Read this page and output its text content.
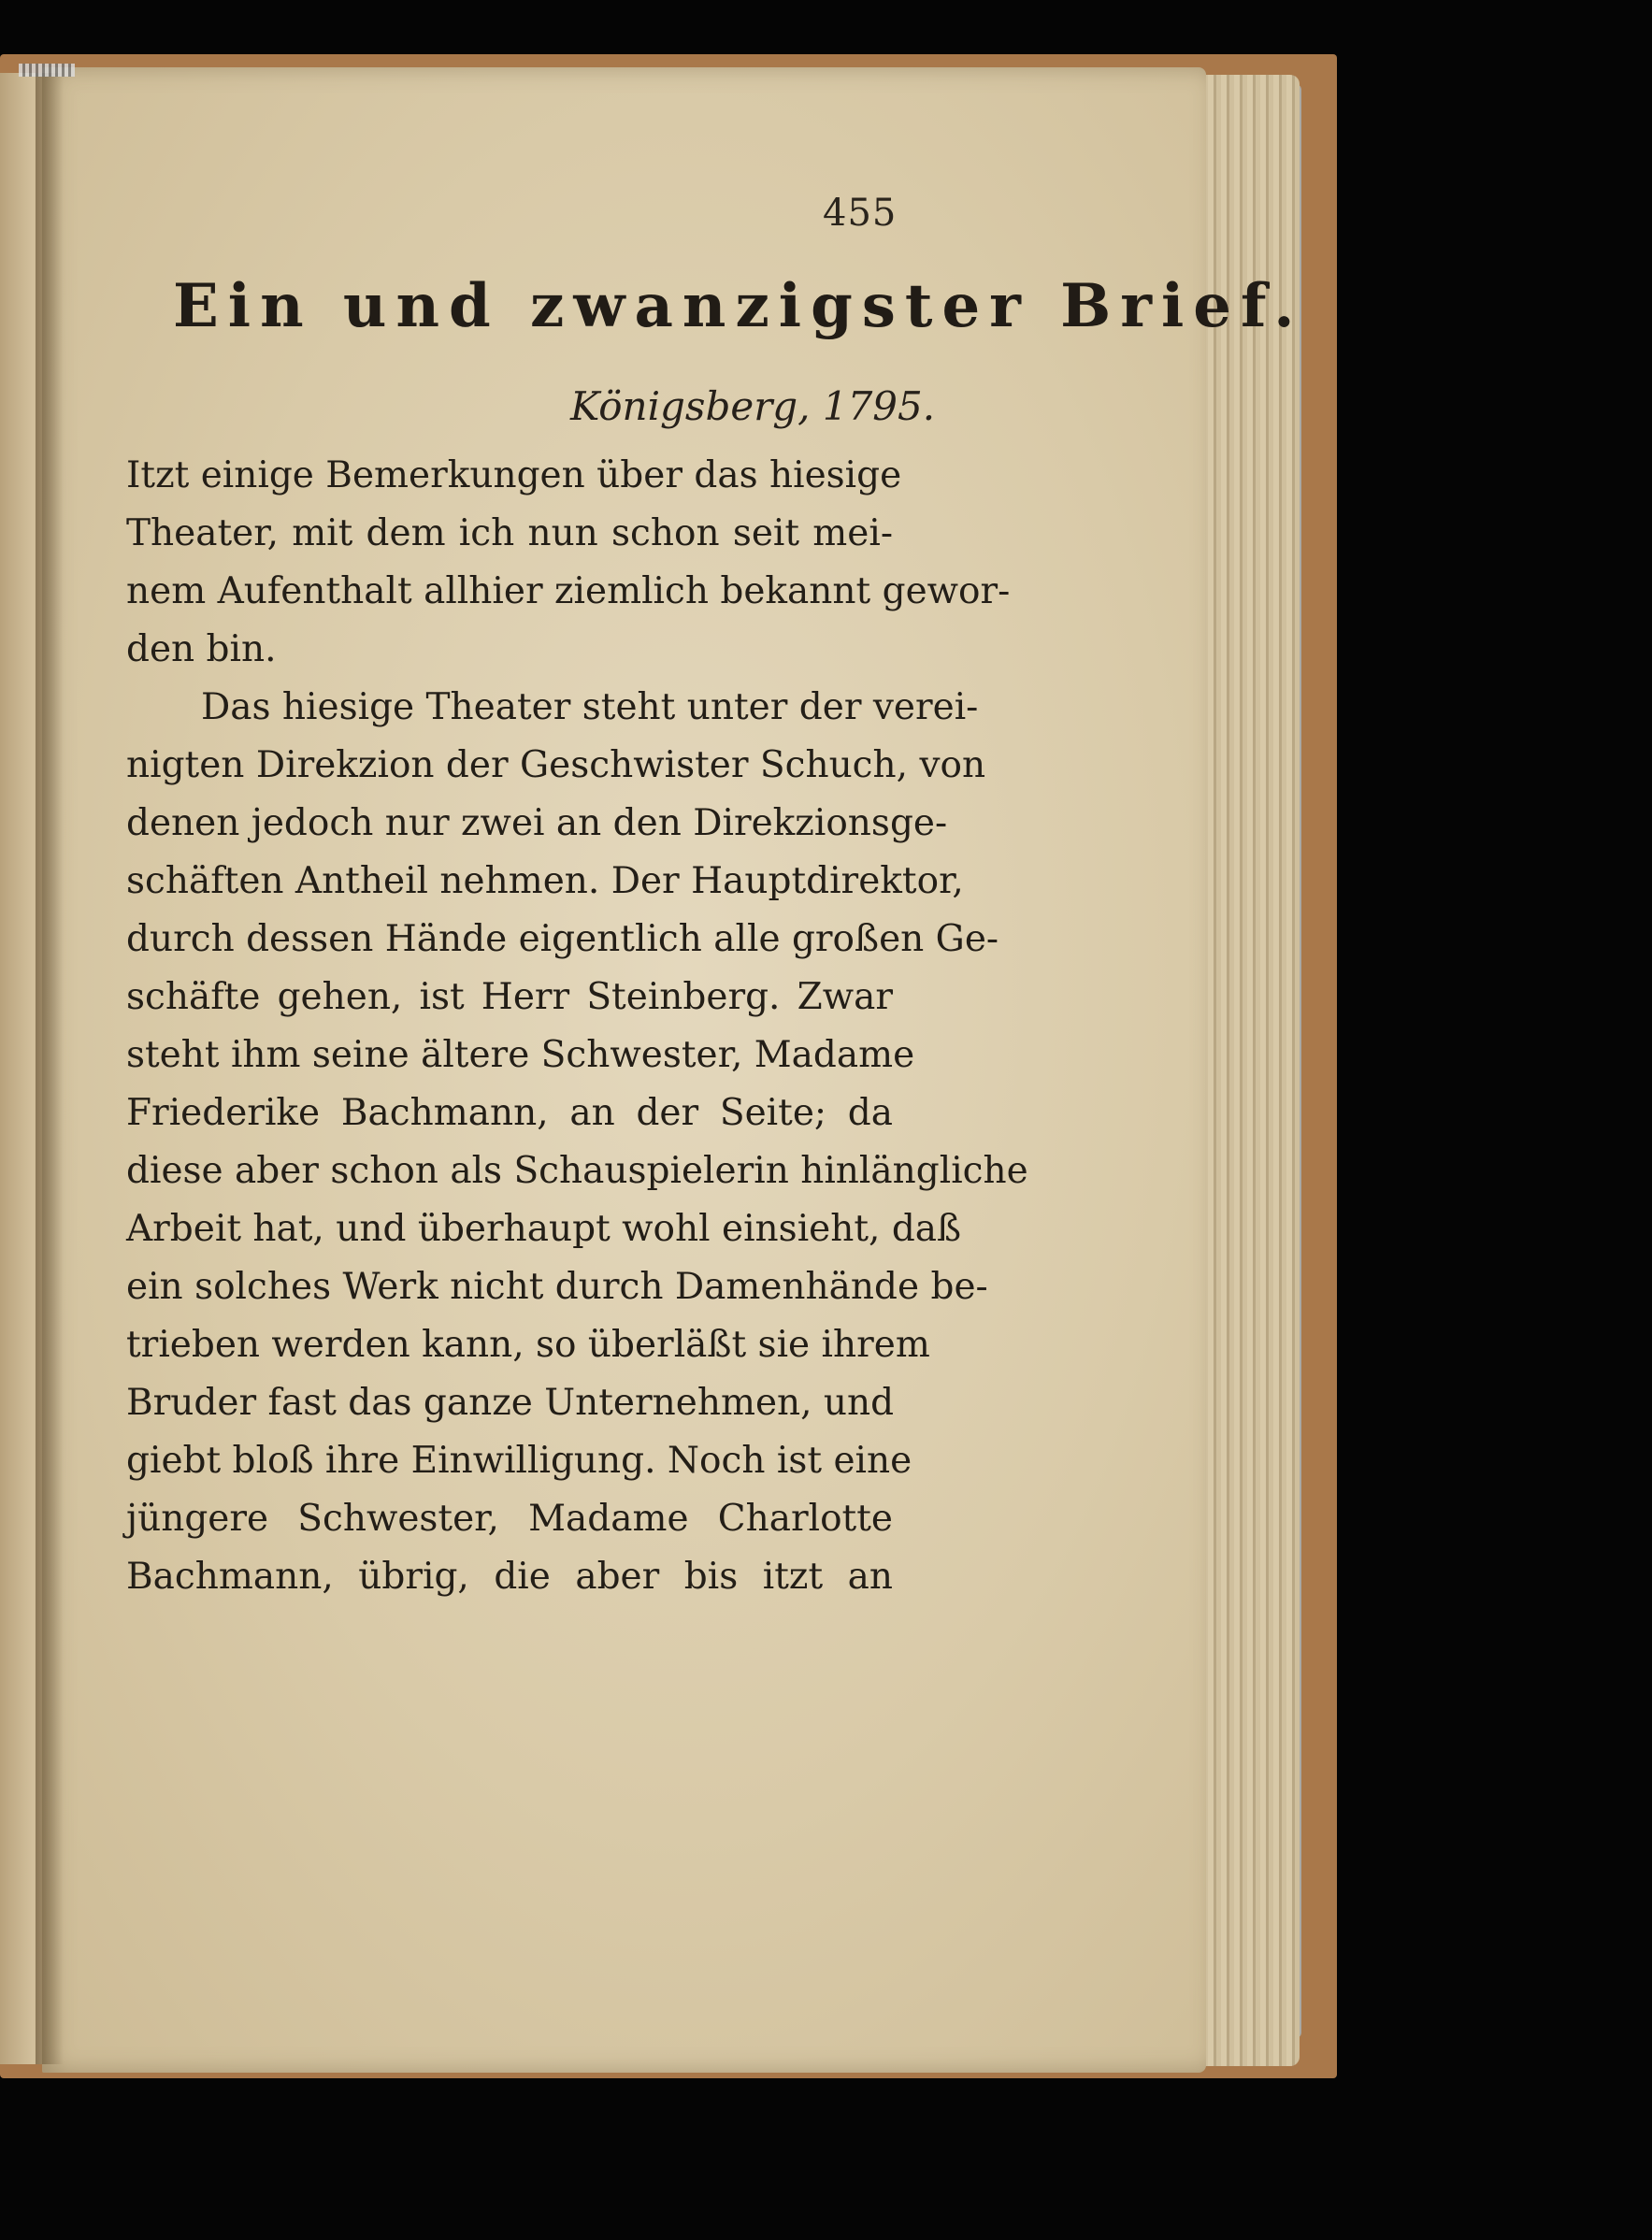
455
Ein und zwanzigster Brief.
Königsberg, 1795.
Itzt einige Bemerkungen über das hiesige
Theater, mit dem ich nun schon seit mei-
nem Aufenthalt allhier ziemlich bekannt gewor-
den bin.
Das hiesige Theater steht unter der verei-
nigten Direkzion der Geschwister Schuch, von
denen jedoch nur zwei an den Direkzionsge-
schäften Antheil nehmen. Der Hauptdirektor,
durch dessen Hände eigentlich alle großen Ge-
schäfte gehen, ist Herr Steinberg. Zwar
steht ihm seine ältere Schwester, Madame
Friederike Bachmann, an der Seite; da
diese aber schon als Schauspielerin hinlängliche
Arbeit hat, und überhaupt wohl einsieht, daß
ein solches Werk nicht durch Damenhände be-
trieben werden kann, so überläßt sie ihrem
Bruder fast das ganze Unternehmen, und
giebt bloß ihre Einwilligung. Noch ist eine
jüngere Schwester, Madame Charlotte
Bachmann, übrig, die aber bis itzt an
